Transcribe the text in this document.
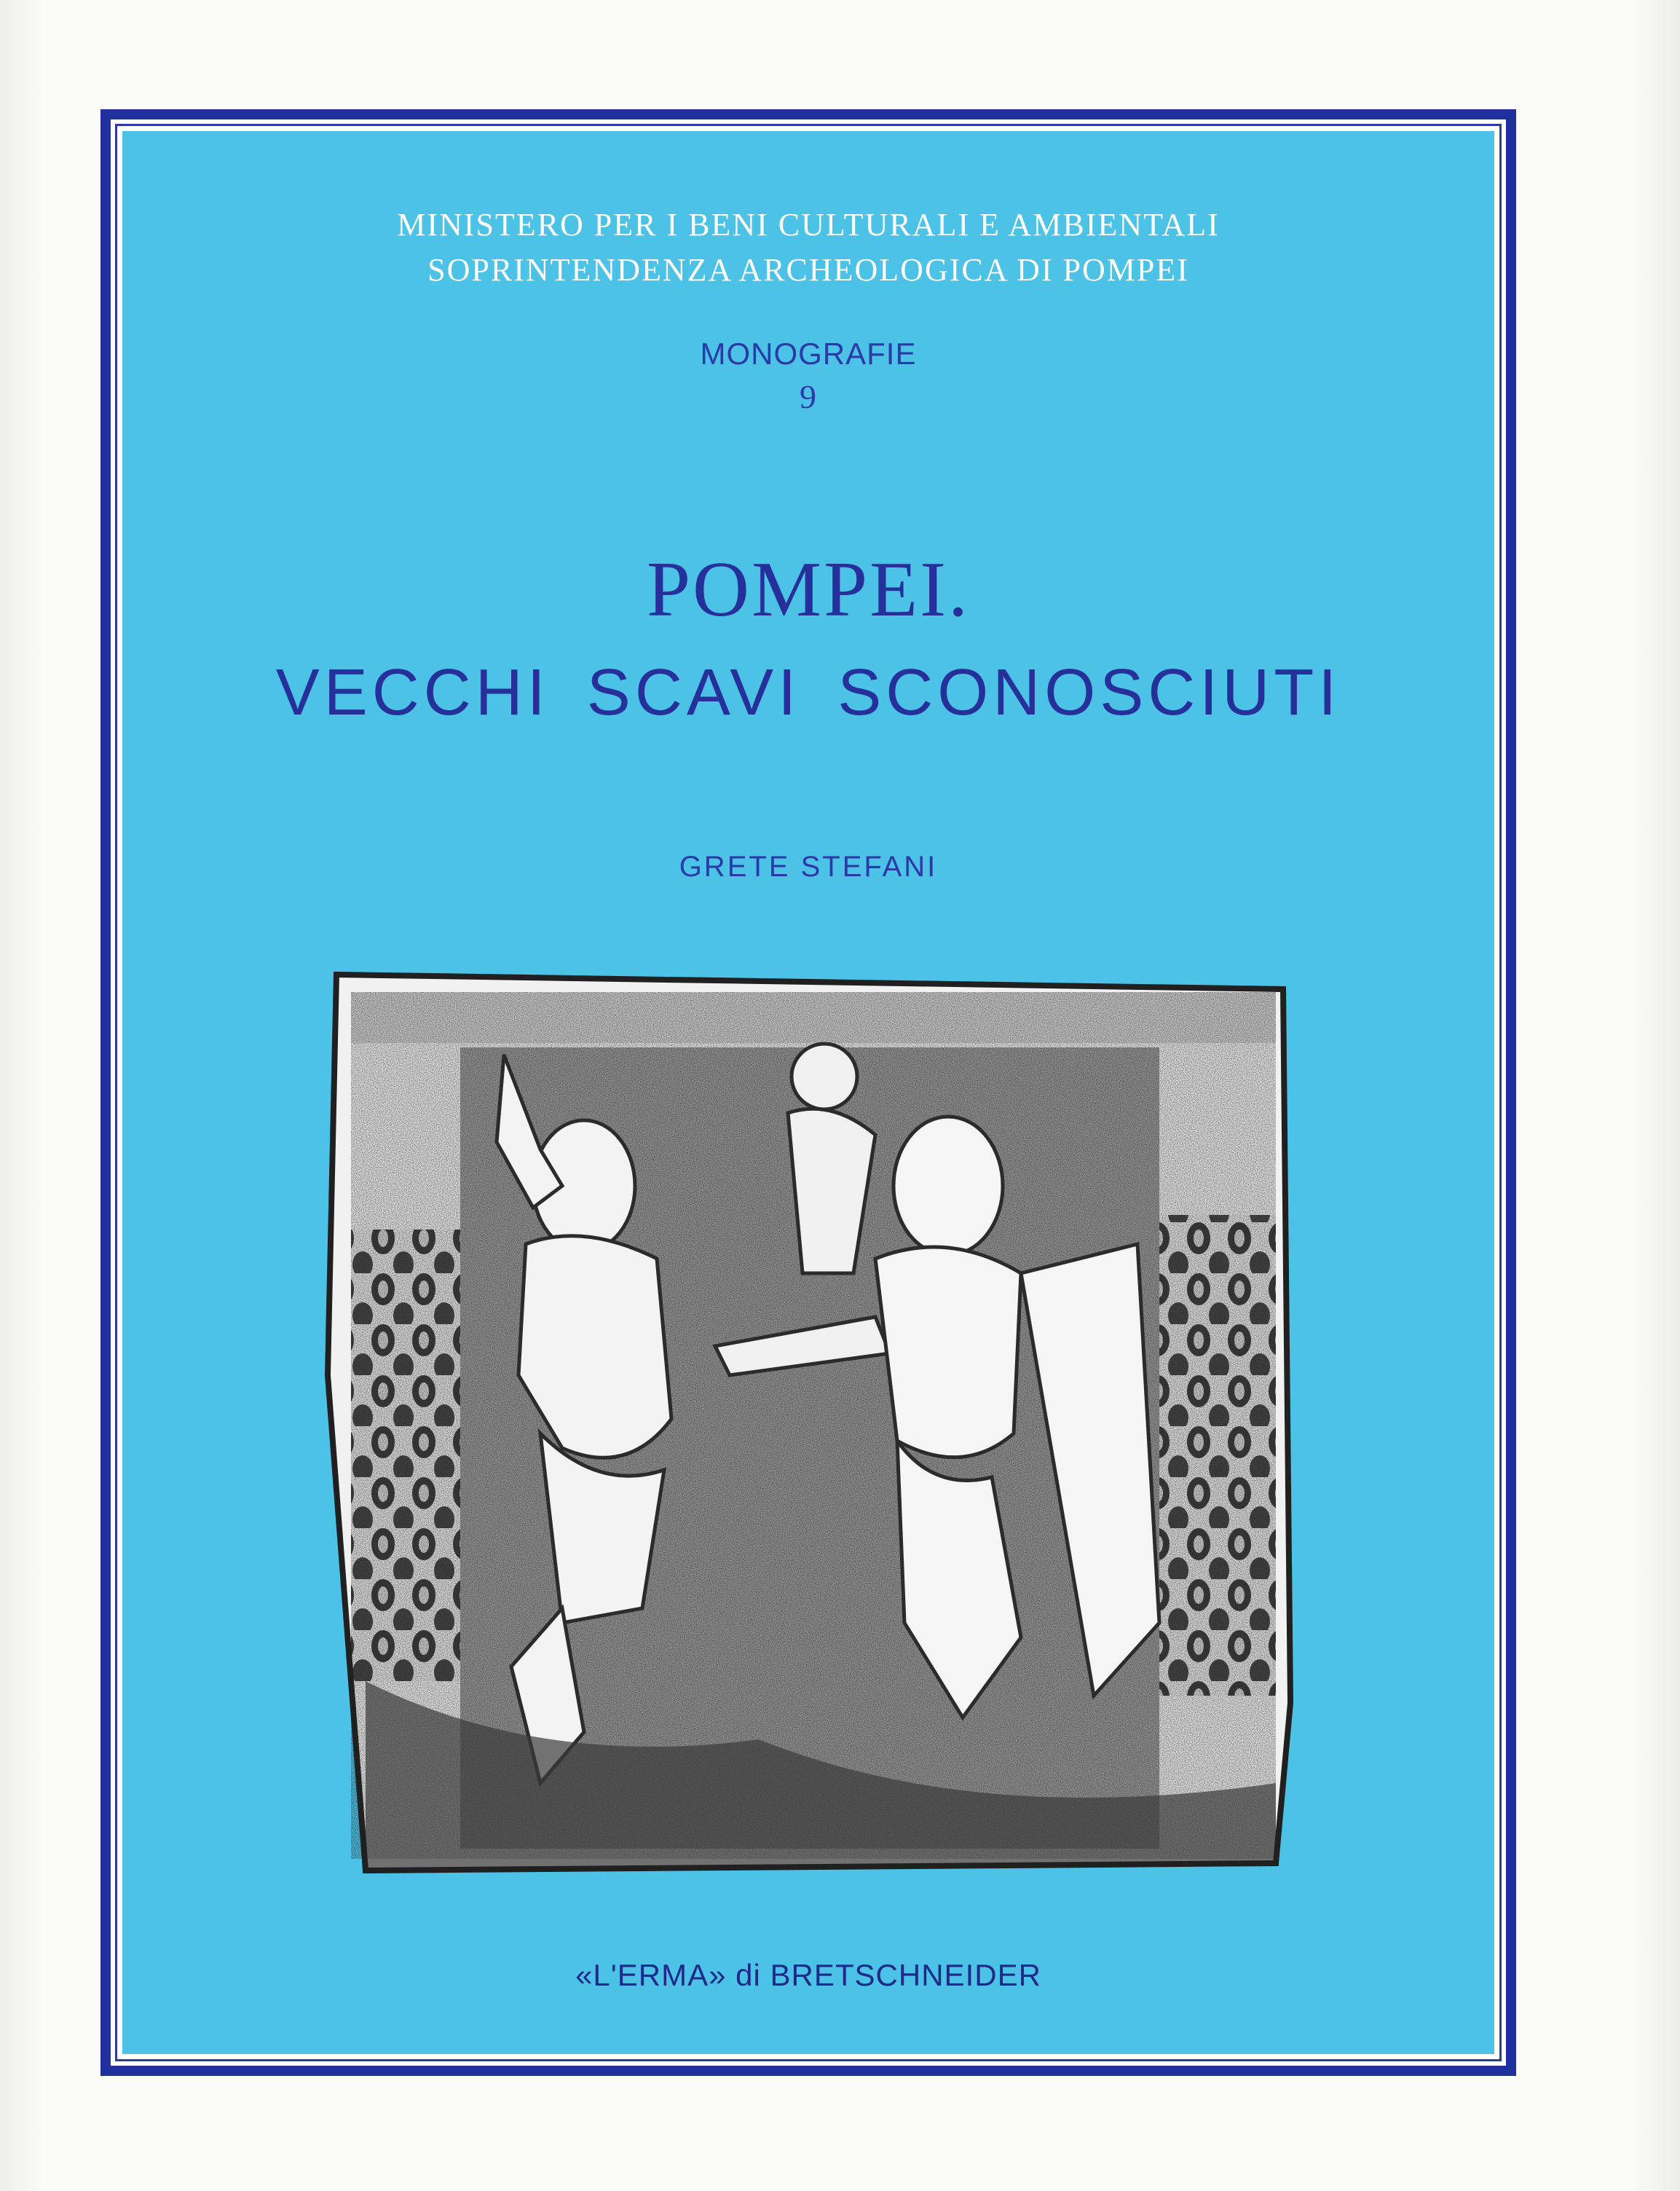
MINISTERO PER I BENI CULTURALI E AMBIENTALI
SOPRINTENDENZA ARCHEOLOGICA DI POMPEI
MONOGRAFIE
9
POMPEI.
VECCHI SCAVI SCONOSCIUTI
GRETE STEFANI
«L'ERMA» di BRETSCHNEIDER
